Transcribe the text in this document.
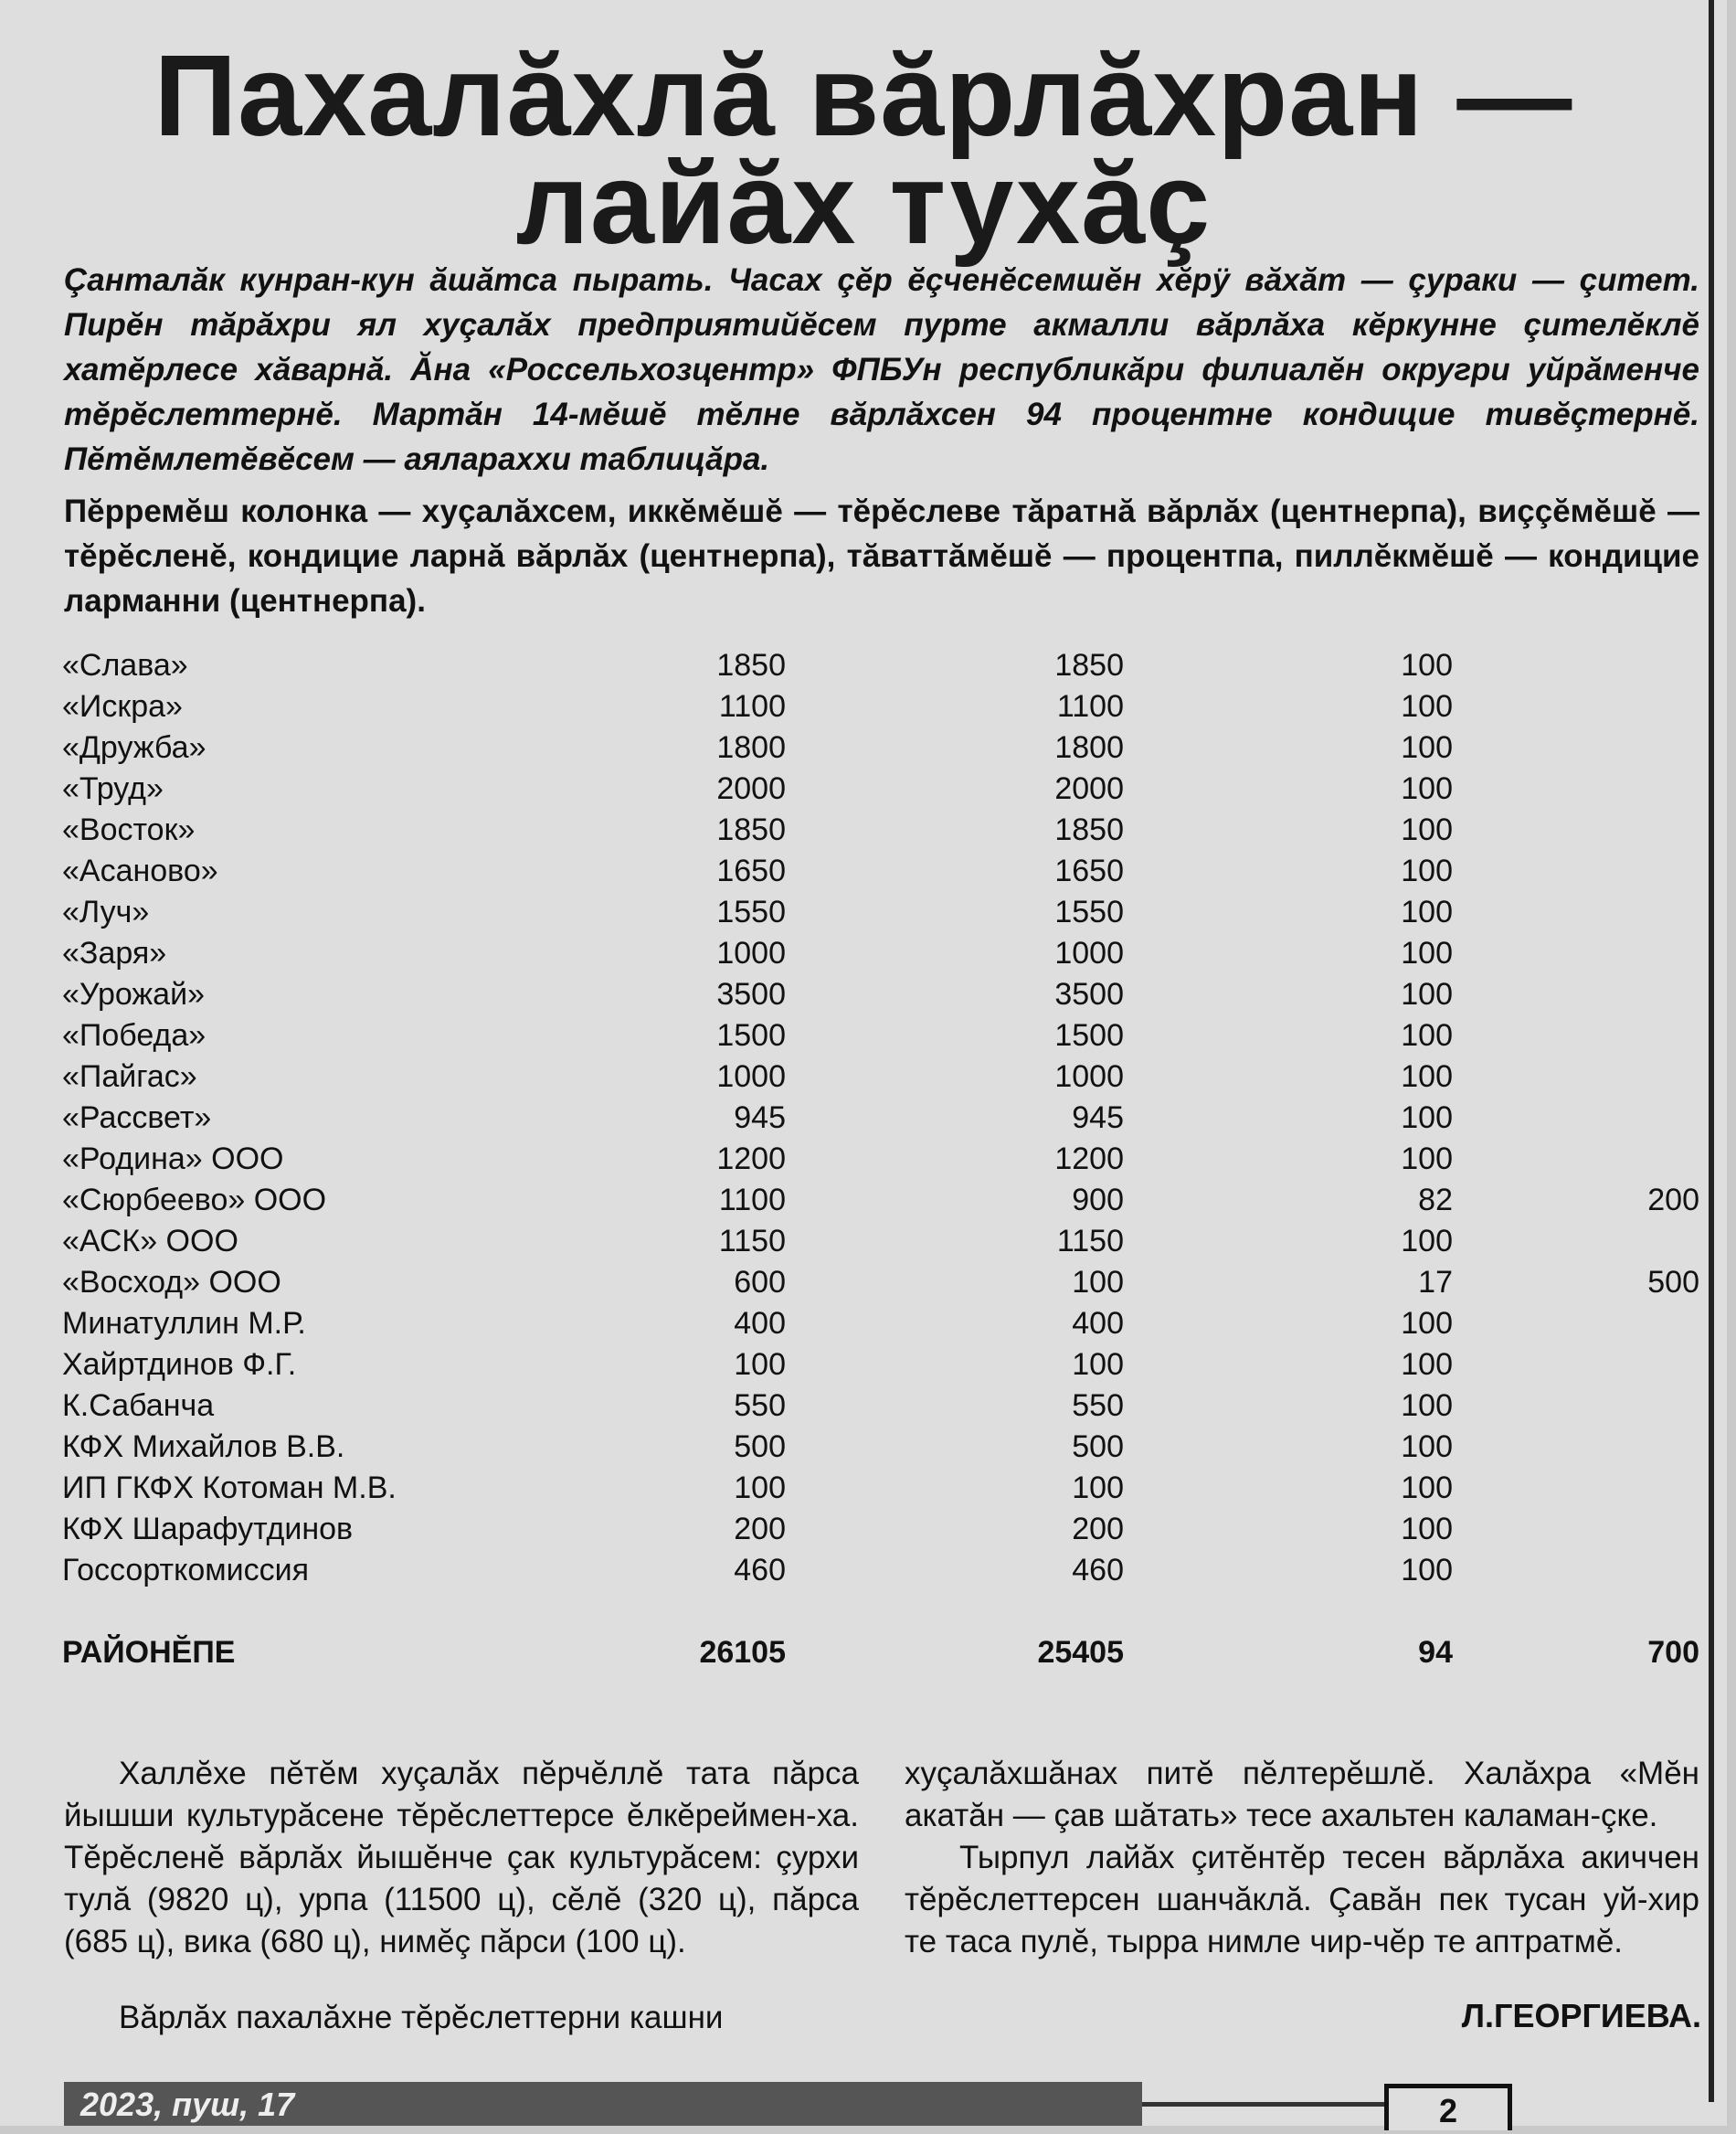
Пахалăхлă вăрлăхран —
лайăх тухăç
Çанталăк кунран-кун ăшăтса пырать. Часах çĕр ĕçченĕсемшĕн хĕрÿ вăхăт — çураки — çитет. Пирĕн тăрăхри ял хуçалăх предприятийĕсем пурте акмалли вăрлăха кĕркунне çителĕклĕ хатĕрлесе хăварнă. Ăна «Россельхозцентр» ФПБУн республикăри филиалĕн округри уйрăменче тĕрĕслеттернĕ. Мартăн 14-мĕшĕ тĕлне вăрлăхсен 94 процентне кондицие тивĕçтернĕ. Пĕтĕмлетĕвĕсем — аялараххи таблицăра.
Пĕрремĕш колонка — хуçалăхсем, иккĕмĕшĕ — тĕрĕслеве тăратнă вăрлăх (центнерпа), виççĕмĕшĕ — тĕрĕсленĕ, кондицие ларнă вăрлăх (центнерпа), тăваттăмĕшĕ — процентпа, пиллĕкмĕшĕ — кондицие ларманни (центнерпа).
«Слава»	1850	1850	100
«Искра»	1100	1100	100
«Дружба»	1800	1800	100
«Труд»	2000	2000	100
«Восток»	1850	1850	100
«Асаново»	1650	1650	100
«Луч»	1550	1550	100
«Заря»	1000	1000	100
«Урожай»	3500	3500	100
«Победа»	1500	1500	100
«Пайгас»	1000	1000	100
«Рассвет»	945	945	100
«Родина» ООО	1200	1200	100
«Сюрбеево» ООО	1100	900	82	200
«АСК» ООО	1150	1150	100
«Восход» ООО	600	100	17	500
Минатуллин М.Р.	400	400	100
Хайртдинов Ф.Г.	100	100	100
К.Сабанча	550	550	100
КФХ Михайлов В.В.	500	500	100
ИП ГКФХ Котоман М.В.	100	100	100
КФХ Шарафутдинов	200	200	100
Госсорткомиссия	460	460	100
РАЙОНĔПЕ	26105	25405	94	700
Халлĕхе пĕтĕм хуçалăх пĕрчĕллĕ тата пăрса йышши культурăсене тĕрĕслеттерсе ĕлкĕреймен-ха. Тĕрĕсленĕ вăрлăх йышĕнче çак культурăсем: çурхи тулă (9820 ц), урпа (11500 ц), сĕлĕ (320 ц), пăрса (685 ц), вика (680 ц), нимĕç пăрси (100 ц).
Вăрлăх пахалăхне тĕрĕслеттерни кашни
хуçалăхшăнах питĕ пĕлтерĕшлĕ. Халăхра «Мĕн акатăн — çав шăтать» тесе ахальтен каламан-çке.
Тырпул лайăх çитĕнтĕр тесен вăрлăха акиччен тĕрĕслеттерсен шанчăклă. Çавăн пек тусан уй-хир те таса пулĕ, тырра нимле чир-чĕр те аптратмĕ.
Л.ГЕОРГИЕВА.
2023, пуш, 17	2
